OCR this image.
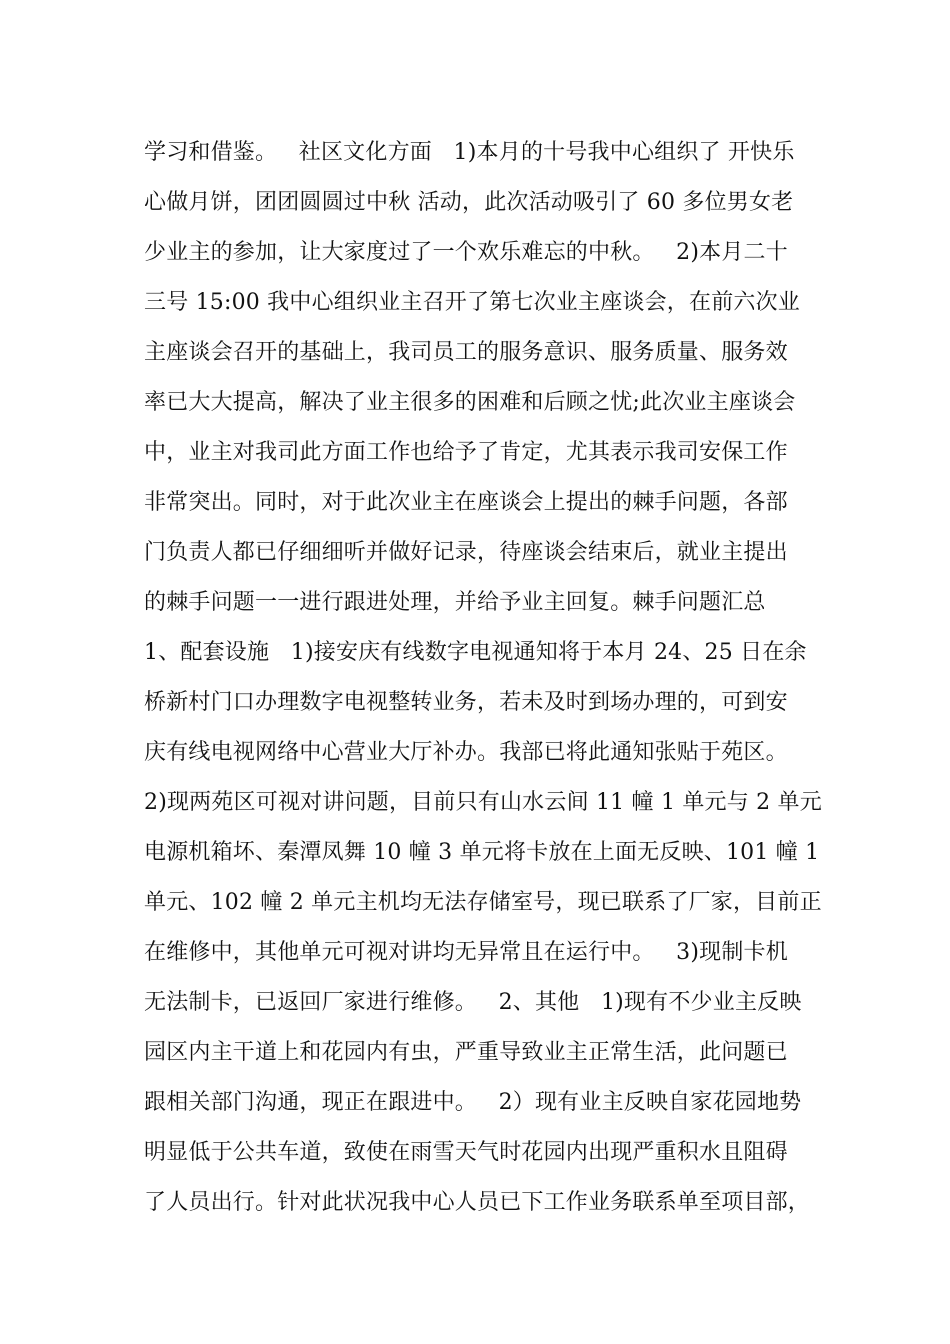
学习和借鉴。   社区文化方面   1)本月的十号我中心组织了 开快乐
心做月饼，团团圆圆过中秋 活动，此次活动吸引了 60 多位男女老
少业主的参加，让大家度过了一个欢乐难忘的中秋。   2)本月二十
三号 15:00 我中心组织业主召开了第七次业主座谈会，在前六次业
主座谈会召开的基础上，我司员工的服务意识、服务质量、服务效
率已大大提高，解决了业主很多的困难和后顾之忧;此次业主座谈会
中，业主对我司此方面工作也给予了肯定，尤其表示我司安保工作
非常突出。同时，对于此次业主在座谈会上提出的棘手问题，各部
门负责人都已仔细细听并做好记录，待座谈会结束后，就业主提出
的棘手问题一一进行跟进处理，并给予业主回复。棘手问题汇总
1、配套设施   1)接安庆有线数字电视通知将于本月 24、25 日在余
桥新村门口办理数字电视整转业务，若未及时到场办理的，可到安
庆有线电视网络中心营业大厅补办。我部已将此通知张贴于苑区。
2)现两苑区可视对讲问题，目前只有山水云间 11 幢 1 单元与 2 单元
电源机箱坏、秦潭凤舞 10 幢 3 单元将卡放在上面无反映、101 幢 1
单元、102 幢 2 单元主机均无法存储室号，现已联系了厂家，目前正
在维修中，其他单元可视对讲均无异常且在运行中。   3)现制卡机
无法制卡，已返回厂家进行维修。   2、其他   1)现有不少业主反映
园区内主干道上和花园内有虫，严重导致业主正常生活，此问题已
跟相关部门沟通，现正在跟进中。   2）现有业主反映自家花园地势
明显低于公共车道，致使在雨雪天气时花园内出现严重积水且阻碍
了人员出行。针对此状况我中心人员已下工作业务联系单至项目部，
